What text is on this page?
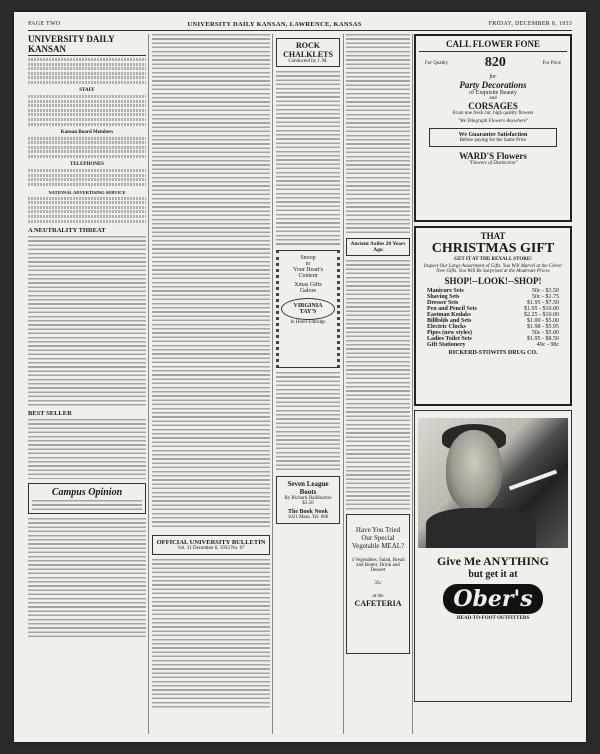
PAGE TWO	UNIVERSITY DAILY KANSAN, LAWRENCE, KANSAS	FRIDAY, DECEMBER 8, 1933
UNIVERSITY DAILY KANSAN
STAFF
Kansan Board Members
TELEPHONES
NATIONAL ADVERTISING SERVICE
A NEUTRALITY THREAT
BEST SELLER
Campus Opinion
OFFICIAL UNIVERSITY BULLETIN
Vol. 31 December 8, 1933 No. 67
ROCK CHALKLETS
Conducted by J. M.
Snoop
to
Your Heart's
Content
Xmas Gifts
Galore
VIRGINIA TAY'S
In Hotel Eldridge
Seven League Boots
By Richard Halliburton
$3.50
The Book Nook
1021 Mass. Tel. 666
Ancient Axiles 20 Years Ago
Have You Tried Our Special Vegetable MEAL?
4 Vegetables, Salad, Bread and Butter, Drink and Dessert
35c
at the
CAFETERIA
CALL FLOWER FONE
For Quality	820	For Price
for
Party Decorations
of Exquisite Beauty
and
CORSAGES
From one fresh cut, high quality flowers
"We Telegraph Flowers Anywhere"
We Guarantee Satisfaction
Before paying for the Same Price
WARD'S Flowers
"Flowers of Distinction"
THAT
CHRISTMAS GIFT
GET IT AT THE REXALL STORE!
Inspect Our Large Assortment of Gifts. You Will Marvel at the Clever New Gifts. You Will Be Surprised at the Moderate Prices
SHOP!--LOOK!--SHOP!
Manicure Sets	50c - $3.50
Shaving Sets	50c - $1.75
Dresser Sets	$1.95 - $7.50
Pen and Pencil Sets	$1.95 - $10.00
Eastman Kodaks	$2.25 - $10.00
Billfolds and Sets	$1.00 - $5.00
Electric Clocks	$1.98 - $5.95
Pipes (new styles)	50c - $5.00
Ladies Toilet Sets	$1.95 - $8.50
Gift Stationery	49c - 98c
RICKERD-STOWITS DRUG CO.
Give Me ANYTHING
but get it at
Ober's
HEAD-TO-FOOT OUTFITTERS
